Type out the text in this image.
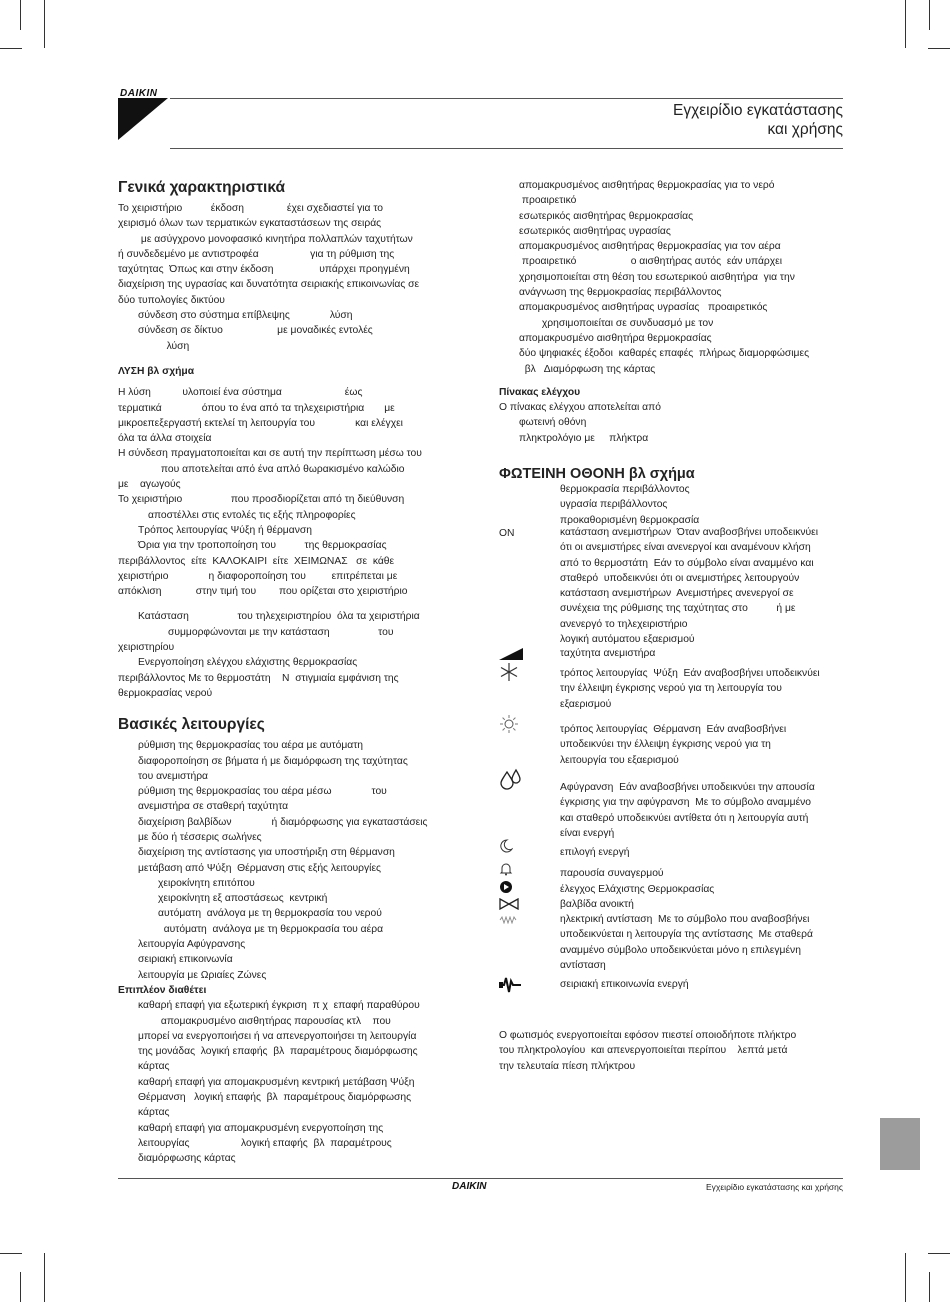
DAIKIN
Εγχειρίδιο εγκατάστασης
και χρήσης
Γενικά χαρακτηριστικά
Το χειριστήριο          έκδοση               έχει σχεδιαστεί για το
χειρισμό όλων των τερματικών εγκαταστάσεων της σειράς
με ασύγχρονο μονοφασικό κινητήρα πολλαπλών ταχυτήτων
ή συνδεδεμένο με αντιστροφέα                  για τη ρύθμιση της
ταχύτητας  Όπως και στην έκδοση                υπάρχει προηγμένη
διαχείριση της υγρασίας και δυνατότητα σειριακής επικοινωνίας σε
δύο τυπολογίες δικτύου
σύνδεση στο σύστημα επίβλεψης              λύση
σύνδεση σε δίκτυο                   με μοναδικές εντολές
λύση
ΛΥΣΗ βλ σχήμα
Η λύση           υλοποιεί ένα σύστημα                      έως
τερματικά              όπου το ένα από τα τηλεχειριστήρια       με
μικροεπεξεργαστή εκτελεί τη λειτουργία του              και ελέγχει
όλα τα άλλα στοιχεία
Η σύνδεση πραγματοποιείται και σε αυτή την περίπτωση μέσω του
που αποτελείται από ένα απλό θωρακισμένο καλώδιο
με    αγωγούς
Το χειριστήριο                 που προσδιορίζεται από τη διεύθυνση
αποστέλλει στις εντολές τις εξής πληροφορίες
Τρόπος λειτουργίας Ψύξη ή θέρμανση
Όρια για την τροποποίηση του          της θερμοκρασίας
περιβάλλοντος  είτε  ΚΑΛΟΚΑΙΡΙ  είτε  ΧΕΙΜΩΝΑΣ   σε  κάθε
χειριστήριο              η διαφοροποίηση του         επιτρέπεται με
απόκλιση            στην τιμή του        που ορίζεται στο χειριστήριο
Κατάσταση                 του τηλεχειριστηρίου  όλα τα χειριστήρια
συμμορφώνονται με την κατάσταση                 του
χειριστηρίου
Ενεργοποίηση ελέγχου ελάχιστης θερμοκρασίας
περιβάλλοντος Με το θερμοστάτη    N  στιγμιαία εμφάνιση της
θερμοκρασίας νερού
Βασικές λειτουργίες
ρύθμιση της θερμοκρασίας του αέρα με αυτόματη
διαφοροποίηση σε βήματα ή με διαμόρφωση της ταχύτητας
του ανεμιστήρα
ρύθμιση της θερμοκρασίας του αέρα μέσω              του
ανεμιστήρα σε σταθερή ταχύτητα
διαχείριση βαλβίδων              ή διαμόρφωσης για εγκαταστάσεις
με δύο ή τέσσερις σωλήνες
διαχείριση της αντίστασης για υποστήριξη στη θέρμανση
μετάβαση από Ψύξη  Θέρμανση στις εξής λειτουργίες
χειροκίνητη επιτόπου
χειροκίνητη εξ αποστάσεως  κεντρική
αυτόματη  ανάλογα με τη θερμοκρασία του νερού
αυτόματη  ανάλογα με τη θερμοκρασία του αέρα
λειτουργία Αφύγρανσης
σειριακή επικοινωνία
λειτουργία με Ωριαίες Ζώνες
Επιπλέον διαθέτει
καθαρή επαφή για εξωτερική έγκριση  π χ  επαφή παραθύρου
απομακρυσμένο αισθητήρας παρουσίας κτλ    που
μπορεί να ενεργοποιήσει ή να απενεργοποιήσει τη λειτουργία
της μονάδας  λογική επαφής  βλ  παραμέτρους διαμόρφωσης
κάρτας
καθαρή επαφή για απομακρυσμένη κεντρική μετάβαση Ψύξη
Θέρμανση   λογική επαφής  βλ  παραμέτρους διαμόρφωσης
κάρτας
καθαρή επαφή για απομακρυσμένη ενεργοποίηση της
λειτουργίας                  λογική επαφής  βλ  παραμέτρους
διαμόρφωσης κάρτας
απομακρυσμένος αισθητήρας θερμοκρασίας για το νερό
προαιρετικό
εσωτερικός αισθητήρας θερμοκρασίας
εσωτερικός αισθητήρας υγρασίας
απομακρυσμένος αισθητήρας θερμοκρασίας για τον αέρα
προαιρετικό                   ο αισθητήρας αυτός  εάν υπάρχει
χρησιμοποιείται στη θέση του εσωτερικού αισθητήρα  για την
ανάγνωση της θερμοκρασίας περιβάλλοντος
απομακρυσμένος αισθητήρας υγρασίας   προαιρετικός
χρησιμοποιείται σε συνδυασμό με τον
απομακρυσμένο αισθητήρα θερμοκρασίας
δύο ψηφιακές έξοδοι  καθαρές επαφές  πλήρως διαμορφώσιμες
βλ   Διαμόρφωση της κάρτας
Πίνακας ελέγχου
Ο πίνακας ελέγχου αποτελείται από
φωτεινή οθόνη
πληκτρολόγιο με     πλήκτρα
ΦΩΤΕΙΝΗ ΟΘΟΝΗ βλ σχήμα
θερμοκρασία περιβάλλοντος
υγρασία περιβάλλοντος
προκαθορισμένη θερμοκρασία
ON	κατάσταση ανεμιστήρων  Όταν αναβοσβήνει υποδεικνύει
ότι οι ανεμιστήρες είναι ανενεργοί και αναμένουν κλήση
από το θερμοστάτη  Εάν το σύμβολο είναι αναμμένο και
σταθερό  υποδεικνύει ότι οι ανεμιστήρες λειτουργούν
κατάσταση ανεμιστήρων  Ανεμιστήρες ανενεργοί σε
συνέχεια της ρύθμισης της ταχύτητας στο          ή με
ανενεργό το τηλεχειριστήριο
λογική αυτόματου εξαερισμού
ταχύτητα ανεμιστήρα
τρόπος λειτουργίας  Ψύξη  Εάν αναβοσβήνει υποδεικνύει
την έλλειψη έγκρισης νερού για τη λειτουργία του
εξαερισμού
τρόπος λειτουργίας  Θέρμανση  Εάν αναβοσβήνει
υποδεικνύει την έλλειψη έγκρισης νερού για τη
λειτουργία του εξαερισμού
Αφύγρανση  Εάν αναβοσβήνει υποδεικνύει την απουσία
έγκρισης για την αφύγρανση  Με το σύμβολο αναμμένο
και σταθερό υποδεικνύει αντίθετα ότι η λειτουργία αυτή
είναι ενεργή
επιλογή ενεργή
παρουσία συναγερμού
έλεγχος Ελάχιστης Θερμοκρασίας
βαλβίδα ανοικτή
ηλεκτρική αντίσταση  Με το σύμβολο που αναβοσβήνει
υποδεικνύεται η λειτουργία της αντίστασης  Με σταθερά
αναμμένο σύμβολο υποδεικνύεται μόνο η επιλεγμένη
αντίσταση
σειριακή επικοινωνία ενεργή
Ο φωτισμός ενεργοποιείται εφόσον πιεστεί οποιοδήποτε πλήκτρο
του πληκτρολογίου  και απενεργοποιείται περίπου    λεπτά μετά
την τελευταία πίεση πλήκτρου
DAIKIN	Εγχειρίδιο εγκατάστασης και χρήσης
